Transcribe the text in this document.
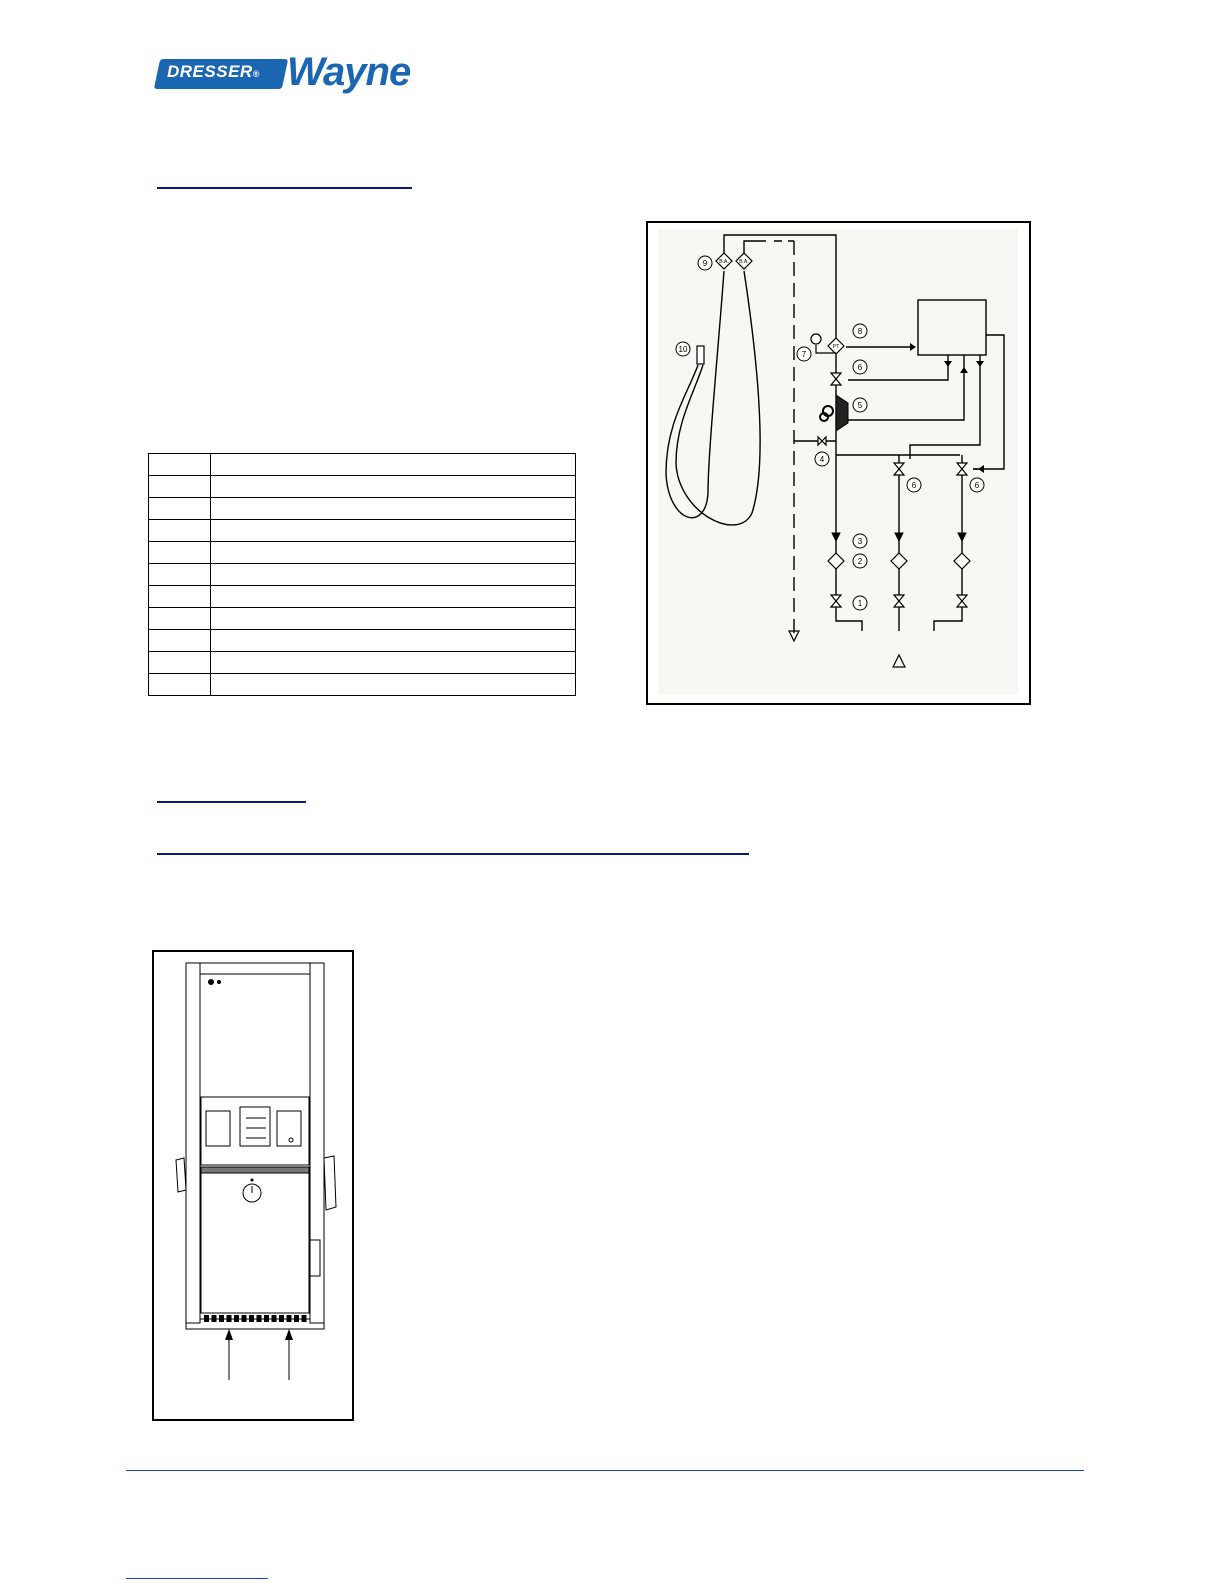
DRESSER® Wayne

B.A. B.A.
PT
1
2
3
4
5
6
6	6
7
8
9
10
